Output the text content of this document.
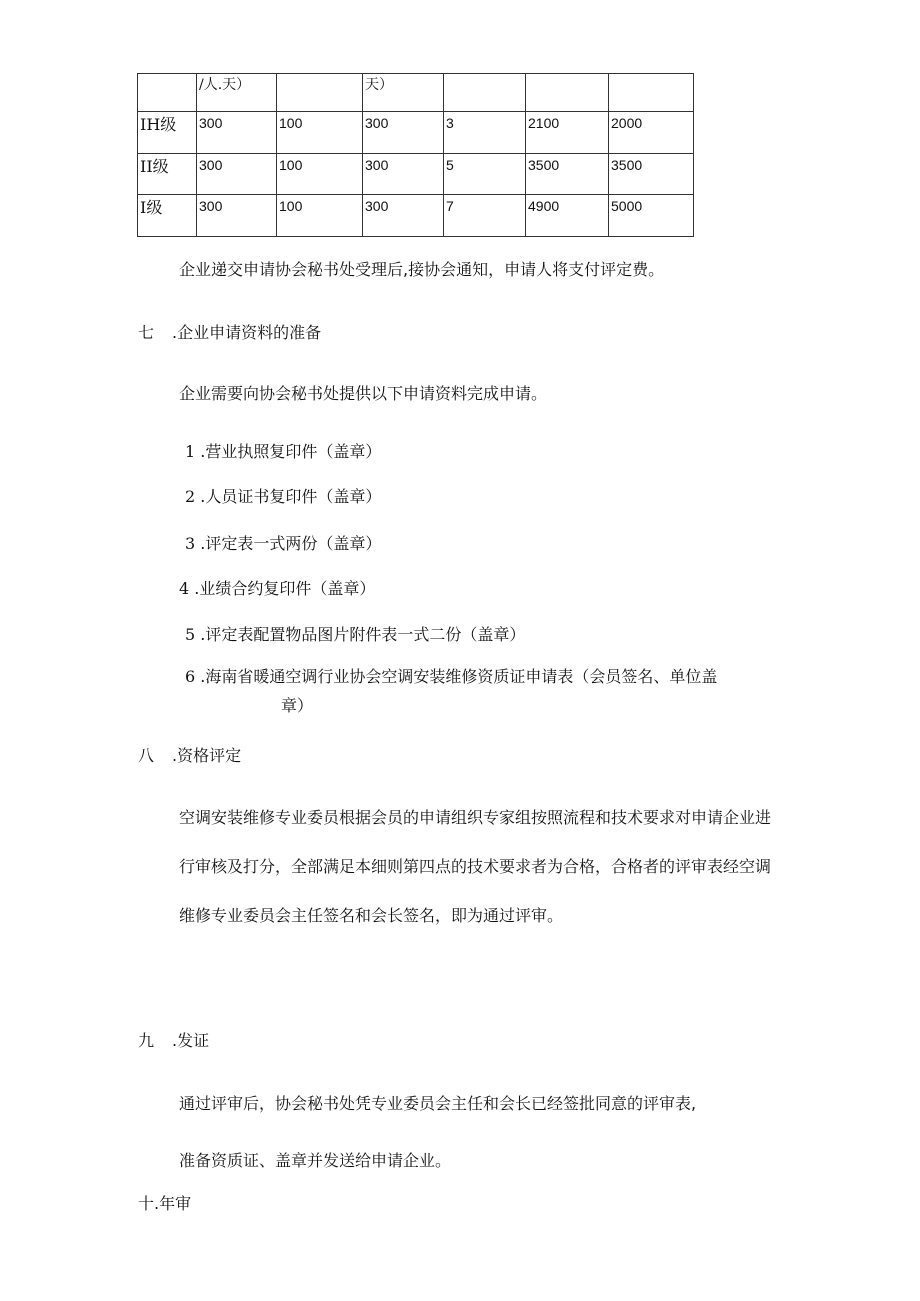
	/人.天）		天）			
IH级	300	100	300	3	2100	2000
II级	300	100	300	5	3500	3500
I级	300	100	300	7	4900	5000
企业递交申请协会秘书处受理后,接协会通知，申请人将支付评定费。
七 .企业申请资料的准备
企业需要向协会秘书处提供以下申请资料完成申请。
1 .营业执照复印件（盖章）
2 .人员证书复印件（盖章）
3 .评定表一式两份（盖章）
4 .业绩合约复印件（盖章）
5 .评定表配置物品图片附件表一式二份（盖章）
6 .海南省暖通空调行业协会空调安装维修资质证申请表（会员签名、单位盖
章）
八 .资格评定
空调安装维修专业委员根据会员的申请组织专家组按照流程和技术要求对申请企业进
行审核及打分，全部满足本细则第四点的技术要求者为合格，合格者的评审表经空调
维修专业委员会主任签名和会长签名，即为通过评审。
九 .发证
通过评审后，协会秘书处凭专业委员会主任和会长已经签批同意的评审表,
准备资质证、盖章并发送给申请企业。
十.年审
